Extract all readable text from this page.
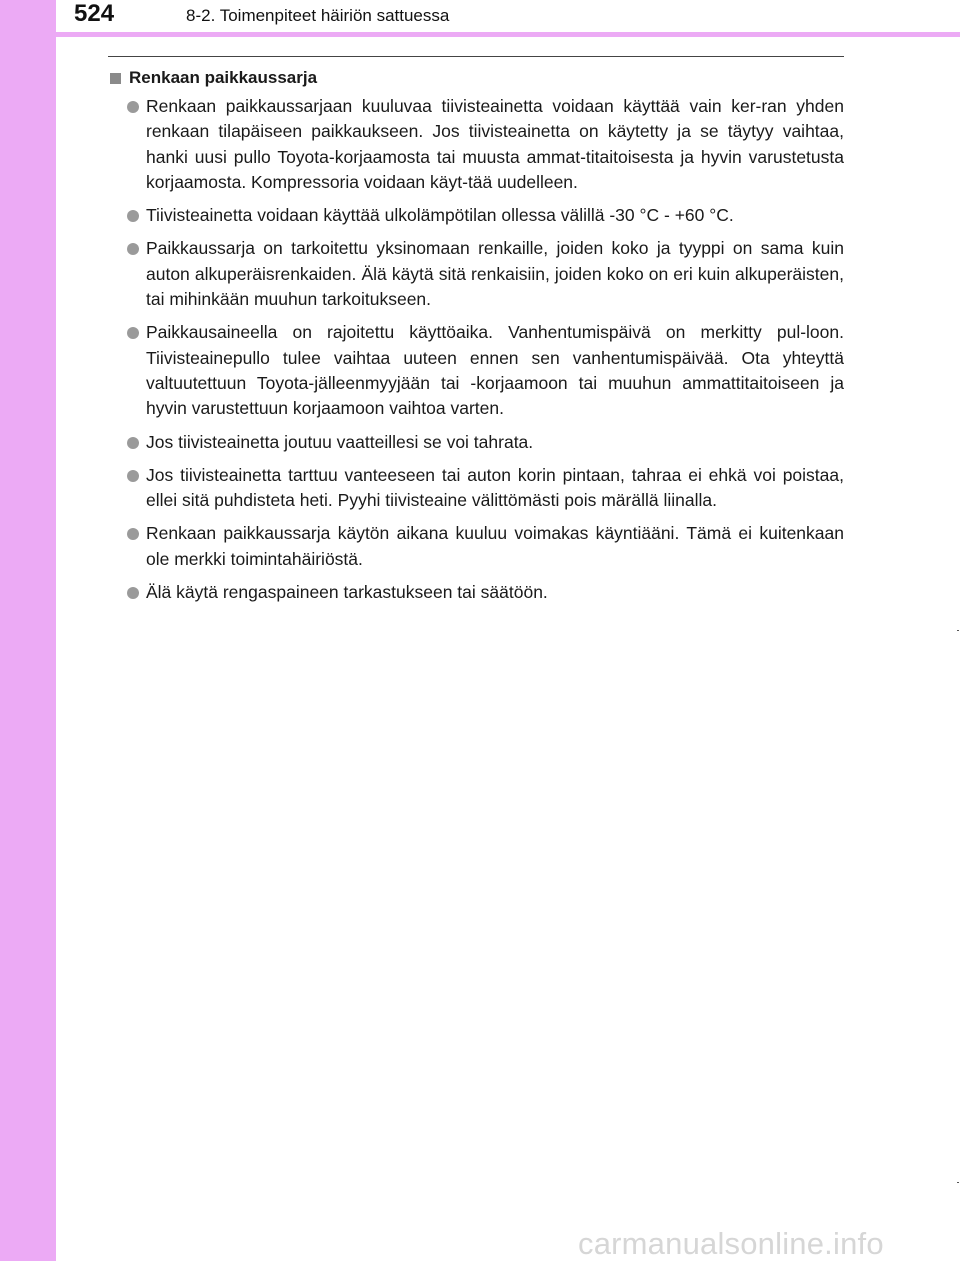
524	8-2. Toimenpiteet häiriön sattuessa
Renkaan paikkaussarja
Renkaan paikkaussarjaan kuuluvaa tiivisteainetta voidaan käyttää vain ker-ran yhden renkaan tilapäiseen paikkaukseen. Jos tiivisteainetta on käytetty ja se täytyy vaihtaa, hanki uusi pullo Toyota-korjaamosta tai muusta ammat-titaitoisesta ja hyvin varustetusta korjaamosta. Kompressoria voidaan käyt-tää uudelleen.
Tiivisteainetta voidaan käyttää ulkolämpötilan ollessa välillä -30 °C - +60 °C.
Paikkaussarja on tarkoitettu yksinomaan renkaille, joiden koko ja tyyppi on sama kuin auton alkuperäisrenkaiden. Älä käytä sitä renkaisiin, joiden koko on eri kuin alkuperäisten, tai mihinkään muuhun tarkoitukseen.
Paikkausaineella on rajoitettu käyttöaika. Vanhentumispäivä on merkitty pul-loon. Tiivisteainepullo tulee vaihtaa uuteen ennen sen vanhentumispäivää. Ota yhteyttä valtuutettuun Toyota-jälleenmyyjään tai -korjaamoon tai muuhun ammattitaitoiseen ja hyvin varustettuun korjaamoon vaihtoa varten.
Jos tiivisteainetta joutuu vaatteillesi se voi tahrata.
Jos tiivisteainetta tarttuu vanteeseen tai auton korin pintaan, tahraa ei ehkä voi poistaa, ellei sitä puhdisteta heti. Pyyhi tiivisteaine välittömästi pois märällä liinalla.
Renkaan paikkaussarja käytön aikana kuuluu voimakas käyntiääni. Tämä ei kuitenkaan ole merkki toimintahäiriöstä.
Älä käytä rengaspaineen tarkastukseen tai säätöön.
carmanualsonline.info
